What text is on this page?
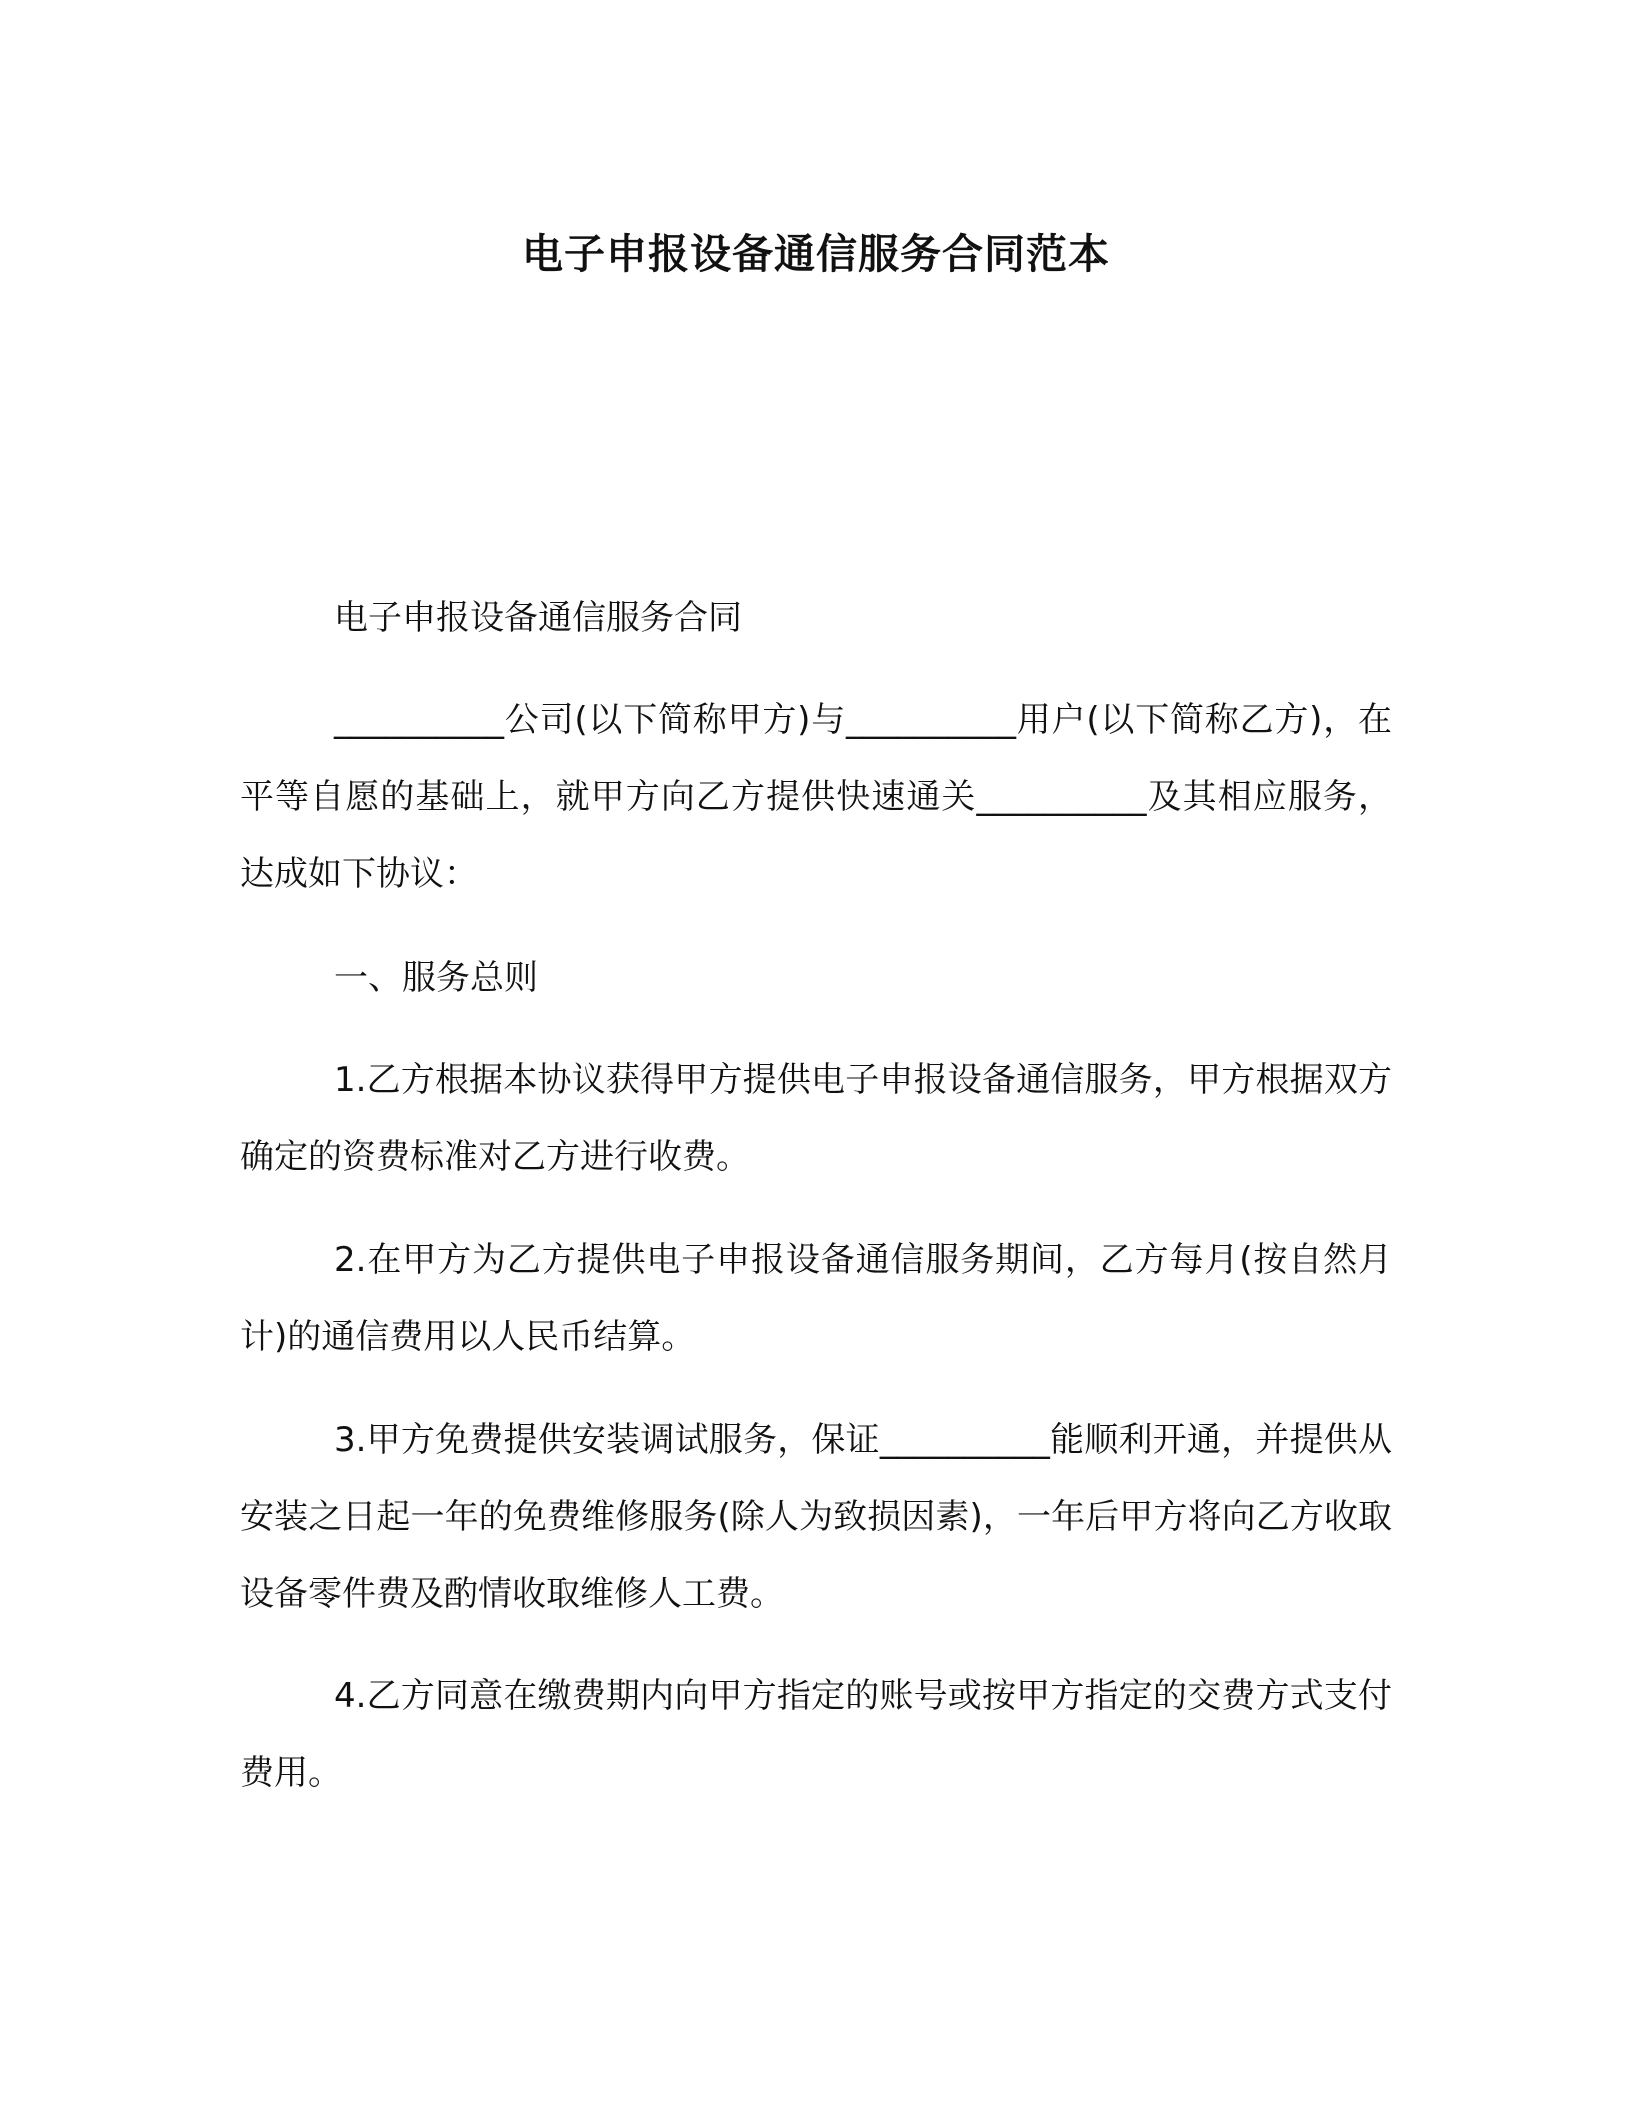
电子申报设备通信服务合同范本
电子申报设备通信服务合同

__________公司(以下简称甲方)与__________用户(以下简称乙方)，在平等自愿的基础上，就甲方向乙方提供快速通关__________及其相应服务，达成如下协议：

一、服务总则

1.乙方根据本协议获得甲方提供电子申报设备通信服务，甲方根据双方确定的资费标准对乙方进行收费。

2.在甲方为乙方提供电子申报设备通信服务期间，乙方每月(按自然月计)的通信费用以人民币结算。

3.甲方免费提供安装调试服务，保证__________能顺利开通，并提供从安装之日起一年的免费维修服务(除人为致损因素)，一年后甲方将向乙方收取设备零件费及酌情收取维修人工费。

4.乙方同意在缴费期内向甲方指定的账号或按甲方指定的交费方式支付费用。
